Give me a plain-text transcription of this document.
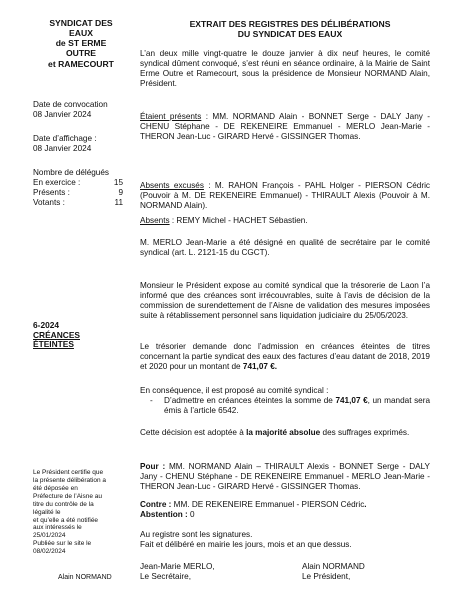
SYNDICAT DES
EAUX
de ST ERME
OUTRE
et RAMECOURT
Date de convocation
08 Janvier 2024
Date d’affichage :
08 Janvier 2024
Nombre de délégués
En exercice :	15
Présents :	9
Votants :	11
6-2024
CRÉANCES
ÉTEINTES
Le Président certifie que
la présente délibération a
été déposée en
Préfecture de l’Aisne au
titre du contrôle de la
légalité le
et qu’elle a été notifiée
aux intéressés le
25/01/2024
Publiée sur le site le
08/02/2024
Alain NORMAND
EXTRAIT DES REGISTRES DES DÉLIBÉRATIONS
DU SYNDICAT DES EAUX
L’an deux mille vingt-quatre le douze janvier à dix neuf heures, le comité syndical dûment convoqué, s’est réuni en séance ordinaire, à la Mairie de Saint Erme Outre et Ramecourt, sous la présidence de Monsieur NORMAND Alain, Président.
Étaient présents : MM. NORMAND Alain - BONNET Serge - DALY Jany - CHENU Stéphane - DE REKENEIRE Emmanuel - MERLO Jean-Marie - THERON Jean-Luc - GIRARD Hervé - GISSINGER Thomas.
Absents excusés : M. RAHON François - PAHL Holger - PIERSON Cédric (Pouvoir à M. DE REKENEIRE Emmanuel) - THIRAULT Alexis (Pouvoir à M. NORMAND Alain).
Absents : REMY Michel - HACHET Sébastien.
M. MERLO Jean-Marie a été désigné en qualité de secrétaire par le comité syndical (art. L. 2121-15 du CGCT).
Monsieur le Président expose au comité syndical que la trésorerie de Laon l’a informé que des créances sont irrécouvrables, suite à l’avis de décision de la commission de surendettement de l’Aisne de validation des mesures imposées suite à rétablissement personnel sans liquidation judiciaire du 25/05/2023.
Le trésorier demande donc l’admission en créances éteintes de titres concernant la partie syndicat des eaux des factures d’eau datant de 2018, 2019 et 2020 pour un montant de 741,07 €.
En conséquence, il est proposé au comité syndical :
-	D’admettre en créances éteintes la somme de 741,07 €, un mandat sera émis à l’article 6542.
Cette décision est adoptée à la majorité absolue des suffrages exprimés.
Pour : MM. NORMAND Alain – THIRAULT Alexis - BONNET Serge - DALY Jany - CHENU Stéphane - DE REKENEIRE Emmanuel - MERLO Jean-Marie - THERON Jean-Luc - GIRARD Hervé - GISSINGER Thomas.
Contre : MM. DE REKENEIRE Emmanuel - PIERSON Cédric.
Abstention : 0
Au registre sont les signatures.
Fait et délibéré en mairie les jours, mois et an que dessus.
Jean-Marie MERLO,
Le Secrétaire,
Alain NORMAND
Le Président,
